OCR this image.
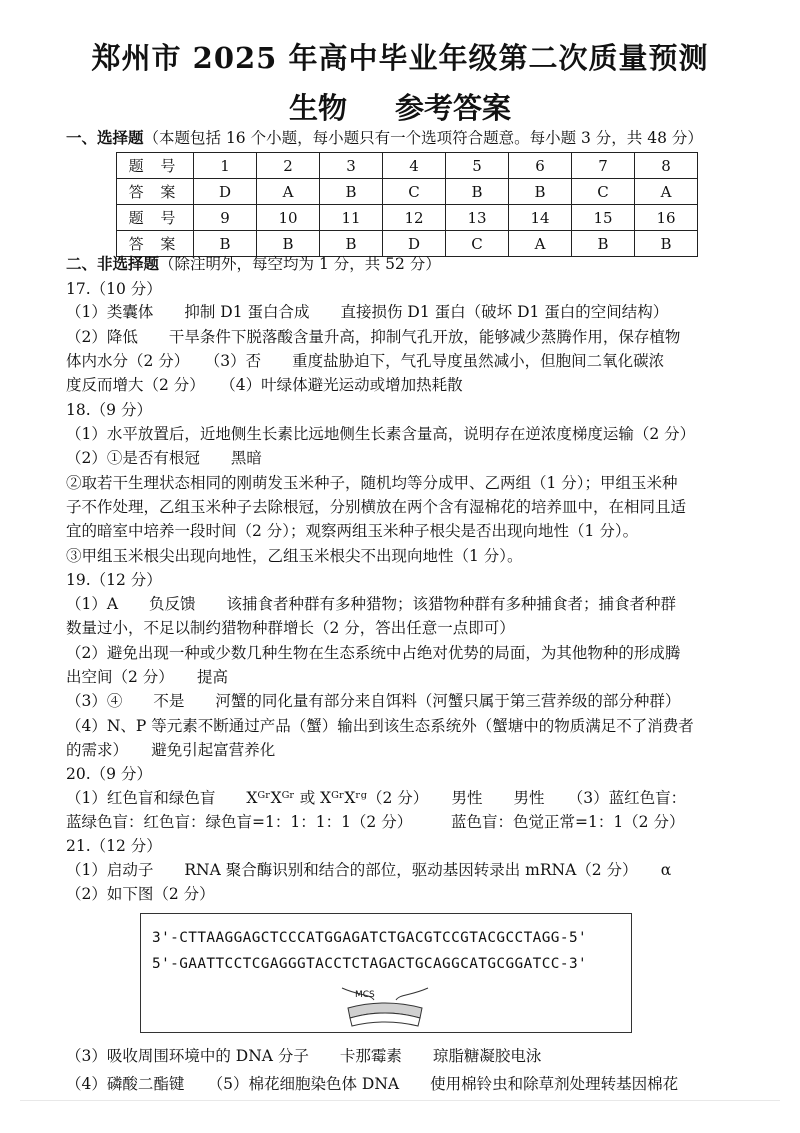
郑州市 2025 年高中毕业年级第二次质量预测
生物 参考答案
一、选择题（本题包括 16 个小题，每小题只有一个选项符合题意。每小题 3 分，共 48 分）
题 号	1	2	3	4	5	6	7	8
答 案	D	A	B	C	B	B	C	A
题 号	9	10	11	12	13	14	15	16
答 案	B	B	B	D	C	A	B	B
二、非选择题（除注明外，每空均为 1 分，共 52 分）
17.（10 分）
（1）类囊体　　抑制 D1 蛋白合成　　直接损伤 D1 蛋白（破坏 D1 蛋白的空间结构）
（2）降低　　干旱条件下脱落酸含量升高，抑制气孔开放，能够减少蒸腾作用，保存植物
体内水分（2 分）　　（3）否　　重度盐胁迫下，气孔导度虽然减小，但胞间二氧化碳浓
度反而增大（2 分）　　（4）叶绿体避光运动或增加热耗散
18.（9 分）
（1）水平放置后，近地侧生长素比远地侧生长素含量高，说明存在逆浓度梯度运输（2 分）
（2）①是否有根冠　　黑暗
②取若干生理状态相同的刚萌发玉米种子，随机均等分成甲、乙两组（1 分）；甲组玉米种
子不作处理，乙组玉米种子去除根冠，分别横放在两个含有湿棉花的培养皿中，在相同且适
宜的暗室中培养一段时间（2 分）；观察两组玉米种子根尖是否出现向地性（1 分）。
③甲组玉米根尖出现向地性，乙组玉米根尖不出现向地性（1 分）。
19.（12 分）
（1）A　　负反馈　　该捕食者种群有多种猎物；该猎物种群有多种捕食者；捕食者种群
数量过小，不足以制约猎物种群增长（2 分，答出任意一点即可）
（2）避免出现一种或少数几种生物在生态系统中占绝对优势的局面，为其他物种的形成腾
出空间（2 分）　　提高
（3）④　　不是　　河蟹的同化量有部分来自饵料（河蟹只属于第三营养级的部分种群）
（4）N、P 等元素不断通过产品（蟹）输出到该生态系统外（蟹塘中的物质满足不了消费者
的需求）　　避免引起富营养化
20.（9 分）
（1）红色盲和绿色盲　　XᴳʳXᴳʳ 或 XᴳʳXʳᵍ（2 分）　　男性　　男性　　（3）蓝红色盲：
蓝绿色盲：红色盲：绿色盲=1：1：1：1（2 分）　　　蓝色盲：色觉正常=1：1（2 分）
21.（12 分）
（1）启动子　　RNA 聚合酶识别和结合的部位，驱动基因转录出 mRNA（2 分）　　α
（2）如下图（2 分）
3'-CTTAAGGAGCTCCCATGGAGATCTGACGTCCGTACGCCTAGG-5'
5'-GAATTCCTCGAGGGTACCTCTAGACTGCAGGCATGCGGATCC-3'
MCS
（3）吸收周围环境中的 DNA 分子　　卡那霉素　　琼脂糖凝胶电泳
（4）磷酸二酯键　　（5）棉花细胞染色体 DNA　　使用棉铃虫和除草剂处理转基因棉花
